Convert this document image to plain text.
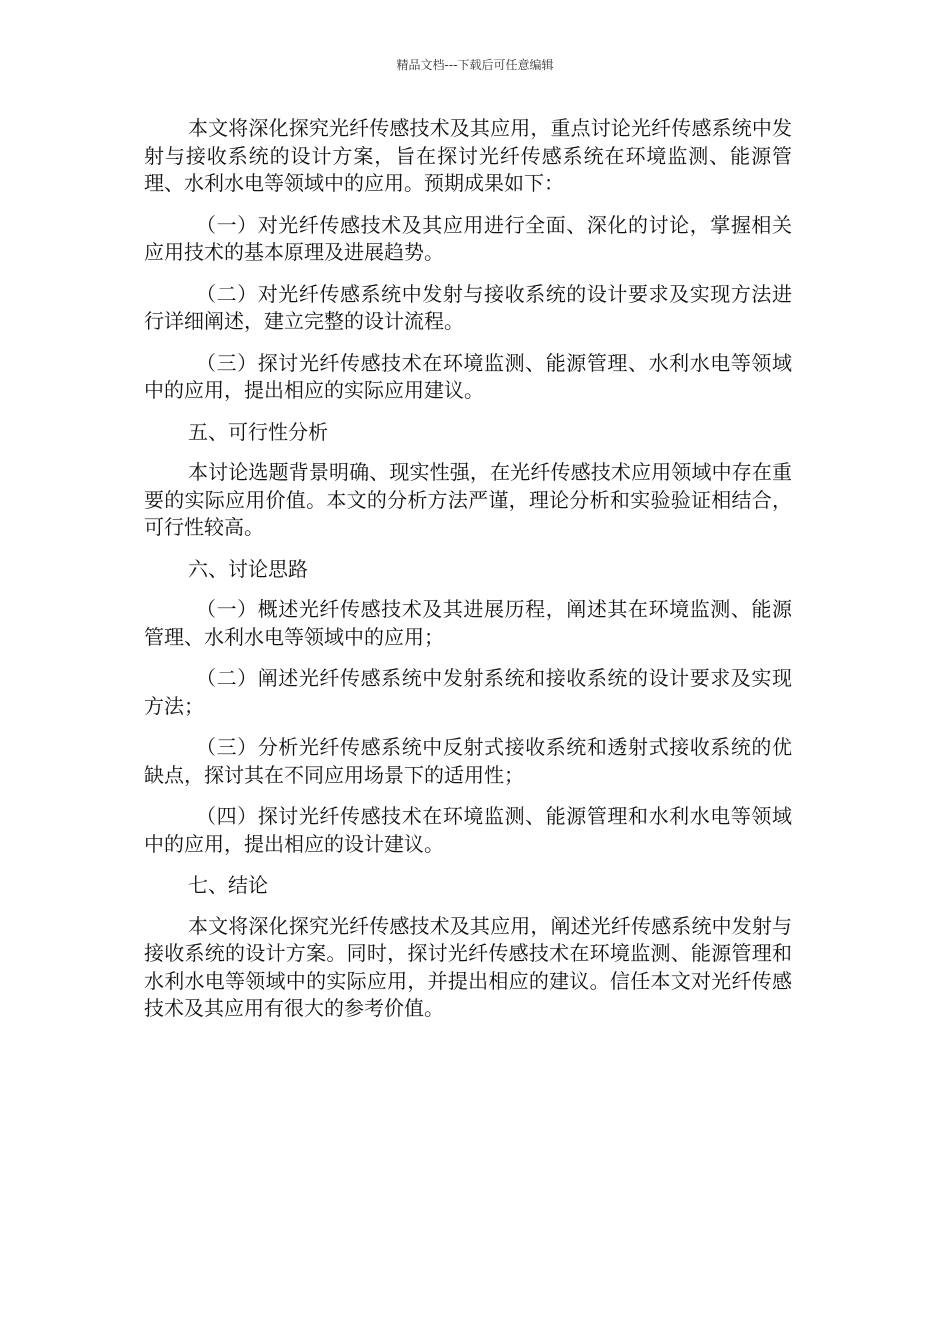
精品文档---下载后可任意编辑

本文将深化探究光纤传感技术及其应用，重点讨论光纤传感系统中发射与接收系统的设计方案，旨在探讨光纤传感系统在环境监测、能源管理、水利水电等领域中的应用。预期成果如下：

（一）对光纤传感技术及其应用进行全面、深化的讨论，掌握相关应用技术的基本原理及进展趋势。

（二）对光纤传感系统中发射与接收系统的设计要求及实现方法进行详细阐述，建立完整的设计流程。

（三）探讨光纤传感技术在环境监测、能源管理、水利水电等领域中的应用，提出相应的实际应用建议。

五、可行性分析

本讨论选题背景明确、现实性强，在光纤传感技术应用领域中存在重要的实际应用价值。本文的分析方法严谨，理论分析和实验验证相结合，可行性较高。

六、讨论思路

（一）概述光纤传感技术及其进展历程，阐述其在环境监测、能源管理、水利水电等领域中的应用；

（二）阐述光纤传感系统中发射系统和接收系统的设计要求及实现方法；

（三）分析光纤传感系统中反射式接收系统和透射式接收系统的优缺点，探讨其在不同应用场景下的适用性；

（四）探讨光纤传感技术在环境监测、能源管理和水利水电等领域中的应用，提出相应的设计建议。

七、结论

本文将深化探究光纤传感技术及其应用，阐述光纤传感系统中发射与接收系统的设计方案。同时，探讨光纤传感技术在环境监测、能源管理和水利水电等领域中的实际应用，并提出相应的建议。信任本文对光纤传感技术及其应用有很大的参考价值。
